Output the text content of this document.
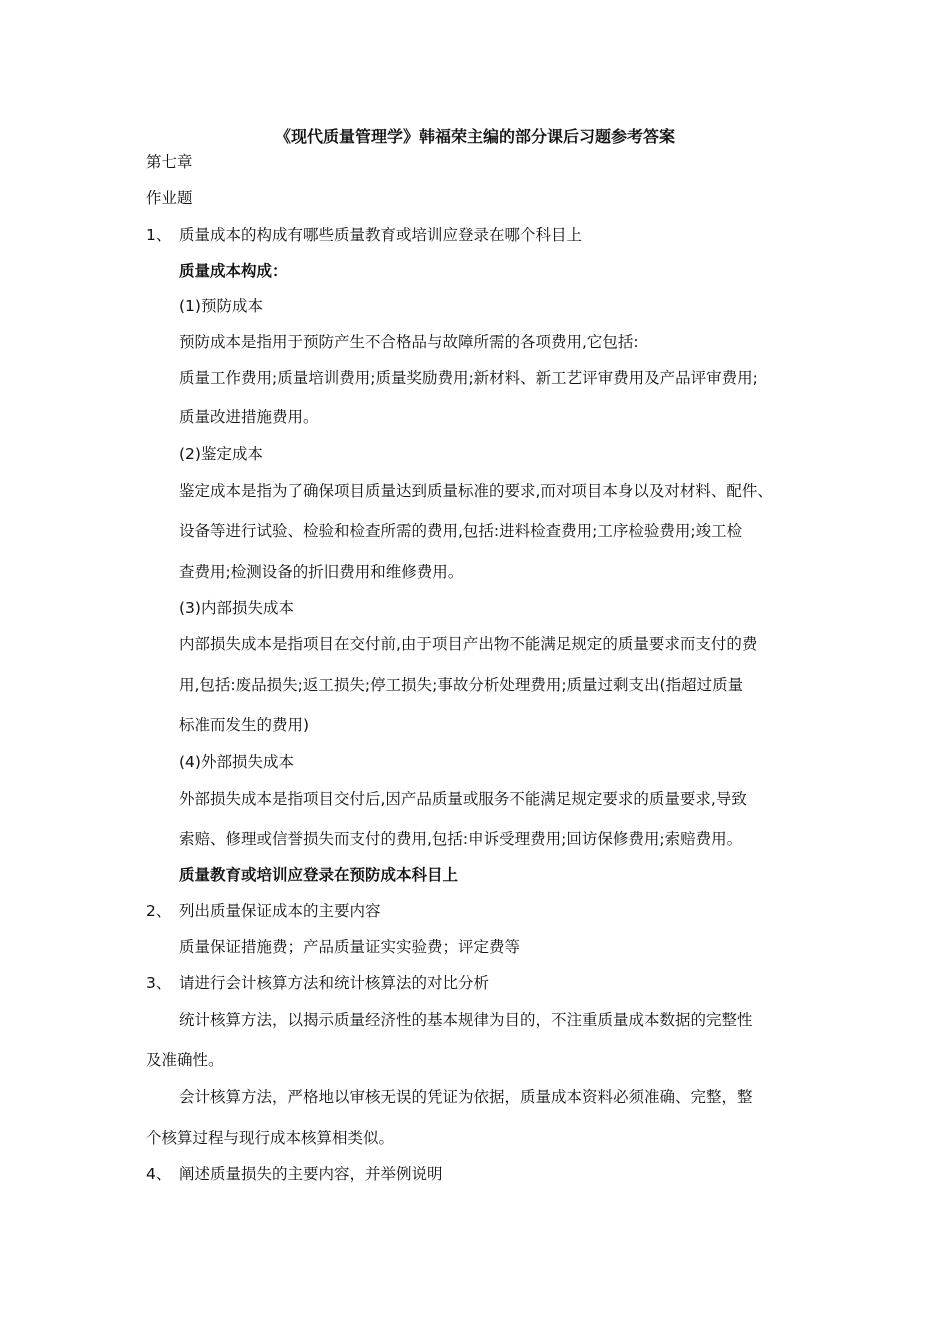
《现代质量管理学》韩福荣主编的部分课后习题参考答案
第七章
作业题
1、 质量成本的构成有哪些质量教育或培训应登录在哪个科目上
质量成本构成：
(1)预防成本
预防成本是指用于预防产生不合格品与故障所需的各项费用,它包括:
质量工作费用;质量培训费用;质量奖励费用;新材料、新工艺评审费用及产品评审费用;
质量改进措施费用。
(2)鉴定成本
鉴定成本是指为了确保项目质量达到质量标准的要求,而对项目本身以及对材料、配件、
设备等进行试验、检验和检查所需的费用,包括:进料检查费用;工序检验费用;竣工检
查费用;检测设备的折旧费用和维修费用。
(3)内部损失成本
内部损失成本是指项目在交付前,由于项目产出物不能满足规定的质量要求而支付的费
用,包括:废品损失;返工损失;停工损失;事故分析处理费用;质量过剩支出(指超过质量
标准而发生的费用)
(4)外部损失成本
外部损失成本是指项目交付后,因产品质量或服务不能满足规定要求的质量要求,导致
索赔、修理或信誉损失而支付的费用,包括:申诉受理费用;回访保修费用;索赔费用。
质量教育或培训应登录在预防成本科目上
2、 列出质量保证成本的主要内容
质量保证措施费；产品质量证实实验费；评定费等
3、 请进行会计核算方法和统计核算法的对比分析
统计核算方法，以揭示质量经济性的基本规律为目的，不注重质量成本数据的完整性
及准确性。
会计核算方法，严格地以审核无误的凭证为依据，质量成本资料必须准确、完整，整
个核算过程与现行成本核算相类似。
4、 阐述质量损失的主要内容，并举例说明
